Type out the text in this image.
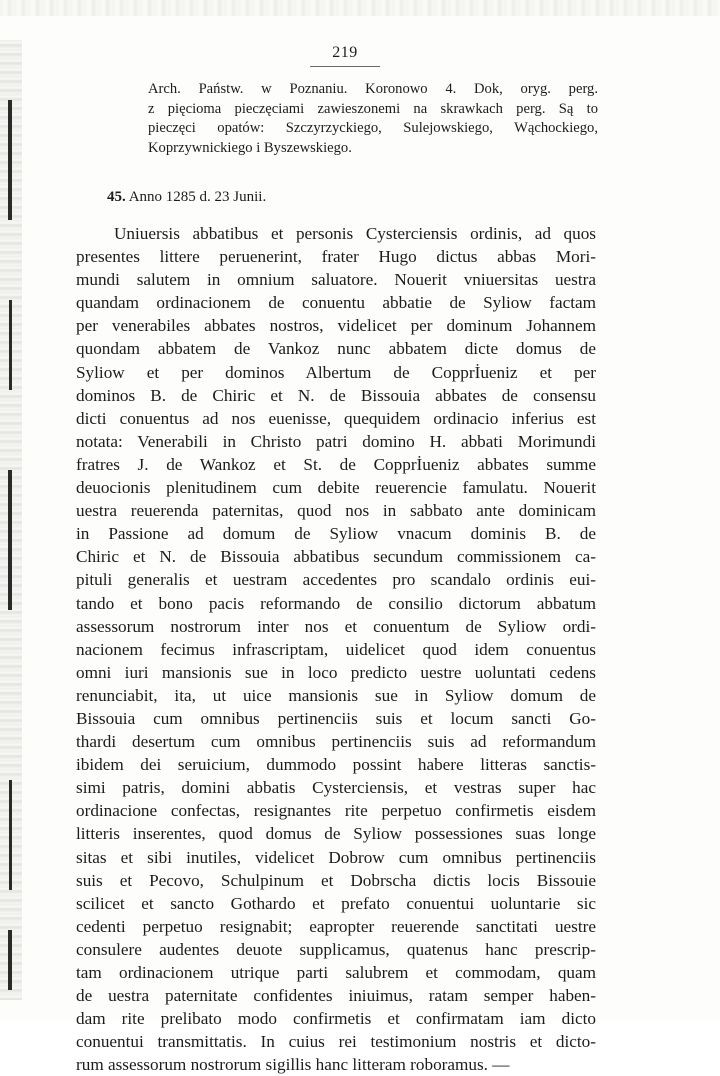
219
Arch. Państw. w Poznaniu. Koronowo 4. Dok, oryg. perg.
z pięcioma pieczęciami zawieszonemi na skrawkach perg. Są to
pieczęci opatów: Szczyrzyckiego, Sulejowskiego, Wąchockiego,
Koprzywnickiego i Byszewskiego.
45. Anno 1285 d. 23 Junii.
Uniuersis abbatibus et personis Cysterciensis ordinis, ad quos
presentes littere peruenerint, frater Hugo dictus abbas Mori-
mundi salutem in omnium saluatore. Nouerit vniuersitas uestra
quandam ordinacionem de conuentu abbatie de Syliow factam
per venerabiles abbates nostros, videlicet per dominum Johannem
quondam abbatem de Vankoz nunc abbatem dicte domus de
Syliow et per dominos Albertum de Copprİueniz et per
dominos B. de Chiric et N. de Bissouia abbates de consensu
dicti conuentus ad nos euenisse, quequidem ordinacio inferius est
notata: Venerabili in Christo patri domino H. abbati Morimundi
fratres J. de Wankoz et St. de Copprİueniz abbates summe
deuocionis plenitudinem cum debite reuerencie famulatu. Nouerit
uestra reuerenda paternitas, quod nos in sabbato ante dominicam
in Passione ad domum de Syliow vnacum dominis B. de
Chiric et N. de Bissouia abbatibus secundum commissionem ca-
pituli generalis et uestram accedentes pro scandalo ordinis eui-
tando et bono pacis reformando de consilio dictorum abbatum
assessorum nostrorum inter nos et conuentum de Syliow ordi-
nacionem fecimus infrascriptam, uidelicet quod idem conuentus
omni iuri mansionis sue in loco predicto uestre uoluntati cedens
renunciabit, ita, ut uice mansionis sue in Syliow domum de
Bissouia cum omnibus pertinenciis suis et locum sancti Go-
thardi desertum cum omnibus pertinenciis suis ad reformandum
ibidem dei seruicium, dummodo possint habere litteras sanctis-
simi patris, domini abbatis Cysterciensis, et vestras super hac
ordinacione confectas, resignantes rite perpetuo confirmetis eisdem
litteris inserentes, quod domus de Syliow possessiones suas longe
sitas et sibi inutiles, videlicet Dobrow cum omnibus pertinenciis
suis et Pecovo, Schulpinum et Dobrscha dictis locis Bissouie
scilicet et sancto Gothardo et prefato conuentui uoluntarie sic
cedenti perpetuo resignabit; eapropter reuerende sanctitati uestre
consulere audentes deuote supplicamus, quatenus hanc prescrip-
tam ordinacionem utrique parti salubrem et commodam, quam
de uestra paternitate confidentes iniuimus, ratam semper haben-
dam rite prelibato modo confirmetis et confirmatam iam dicto
conuentui transmittatis. In cuius rei testimonium nostris et dicto-
rum assessorum nostrorum sigillis hanc litteram roboramus. —
